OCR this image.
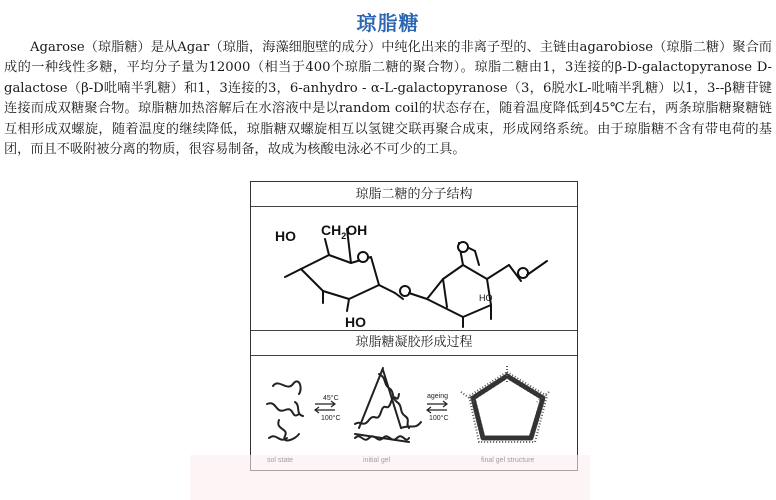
琼脂糖
Agarose（琼脂糖）是从Agar（琼脂，海藻细胞壁的成分）中纯化出来的非离子型的、主链由agarobiose（琼脂二糖）聚合而成的一种线性多糖，平均分子量为12000（相当于400个琼脂二糖的聚合物）。琼脂二糖由1，3连接的β-D-galactopyranose D-galactose（β-D吡喃半乳糖）和1，3连接的3，6-anhydro - α-L-galactopyranose（3，6脱水L-吡喃半乳糖）以1，3--β糖苷键连接而成双糖聚合物。琼脂糖加热溶解后在水溶液中是以random coil的状态存在，随着温度降低到45℃左右，两条琼脂糖聚糖链互相形成双螺旋，随着温度的继续降低，琼脂糖双螺旋相互以氢键交联再聚合成束，形成网络系统。由于琼脂糖不含有带电荷的基团，而且不吸附被分离的物质，很容易制备，故成为核酸电泳必不可少的工具。
琼脂二糖的分子结构
HO $CH_2OH$
HO
HO
琼脂糖凝胶形成过程
45°C
100°C
ageing
100°C
